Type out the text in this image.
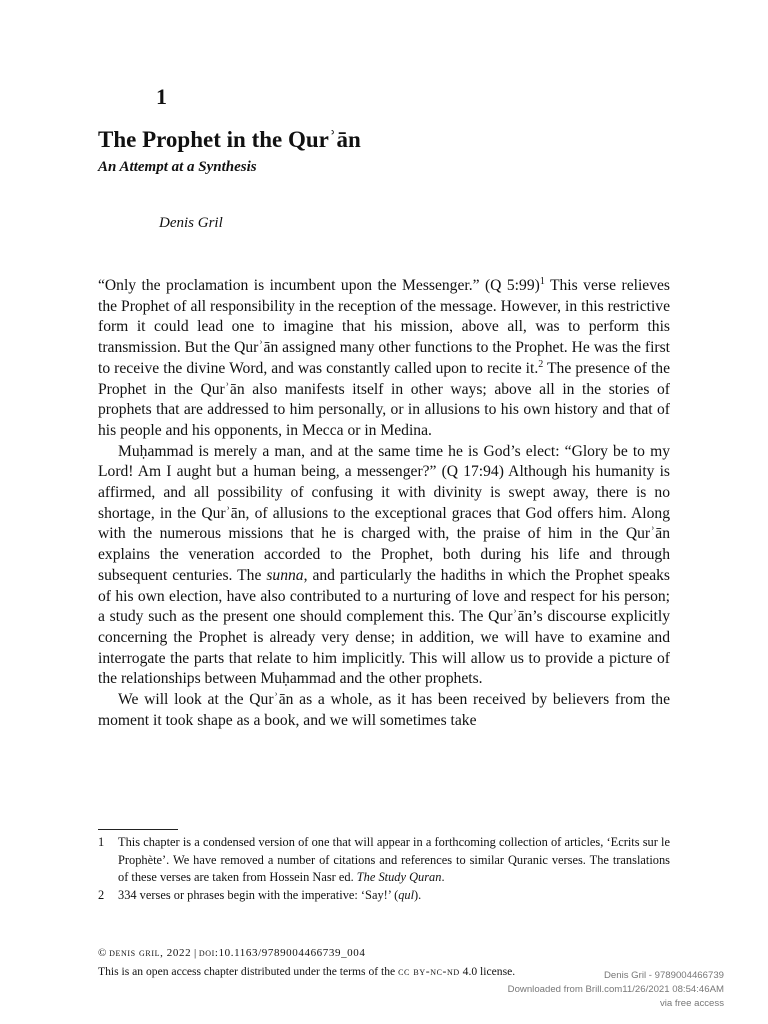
1
The Prophet in the Qurʾān
An Attempt at a Synthesis
Denis Gril

“Only the proclamation is incumbent upon the Messenger.” (Q 5:99)$^1$ This verse relieves the Prophet of all responsibility in the reception of the message. However, in this restrictive form it could lead one to imagine that his mission, above all, was to perform this transmission. But the Qurʾān assigned many other functions to the Prophet. He was the first to receive the divine Word, and was constantly called upon to recite it.$^2$ The presence of the Prophet in the Qurʾān also manifests itself in other ways; above all in the stories of prophets that are addressed to him personally, or in allusions to his own history and that of his people and his opponents, in Mecca or in Medina.

Muḥammad is merely a man, and at the same time he is God’s elect: “Glory be to my Lord! Am I aught but a human being, a messenger?” (Q 17:94) Although his humanity is affirmed, and all possibility of confusing it with divinity is swept away, there is no shortage, in the Qurʾān, of allusions to the exceptional graces that God offers him. Along with the numerous missions that he is charged with, the praise of him in the Qurʾān explains the veneration accorded to the Prophet, both during his life and through subsequent centuries. The sunna, and particularly the hadiths in which the Prophet speaks of his own election, have also contributed to a nurturing of love and respect for his person; a study such as the present one should complement this. The Qurʾān’s discourse explicitly concerning the Prophet is already very dense; in addition, we will have to examine and interrogate the parts that relate to him implicitly. This will allow us to provide a picture of the relationships between Muḥammad and the other prophets.

We will look at the Qurʾān as a whole, as it has been received by believers from the moment it took shape as a book, and we will sometimes take

1	This chapter is a condensed version of one that will appear in a forthcoming collection of articles, ‘Ecrits sur le Prophète’. We have removed a number of citations and references to similar Quranic verses. The translations of these verses are taken from Hossein Nasr ed. The Study Quran.
2	334 verses or phrases begin with the imperative: ‘Say!’ (qul).
© denis gril, 2022 | doi:10.1163/9789004466739_004
This is an open access chapter distributed under the terms of the cc by-nc-nd 4.0 license.	Denis Gril - 9789004466739
Downloaded from Brill.com11/26/2021 08:54:46AM
via free access
